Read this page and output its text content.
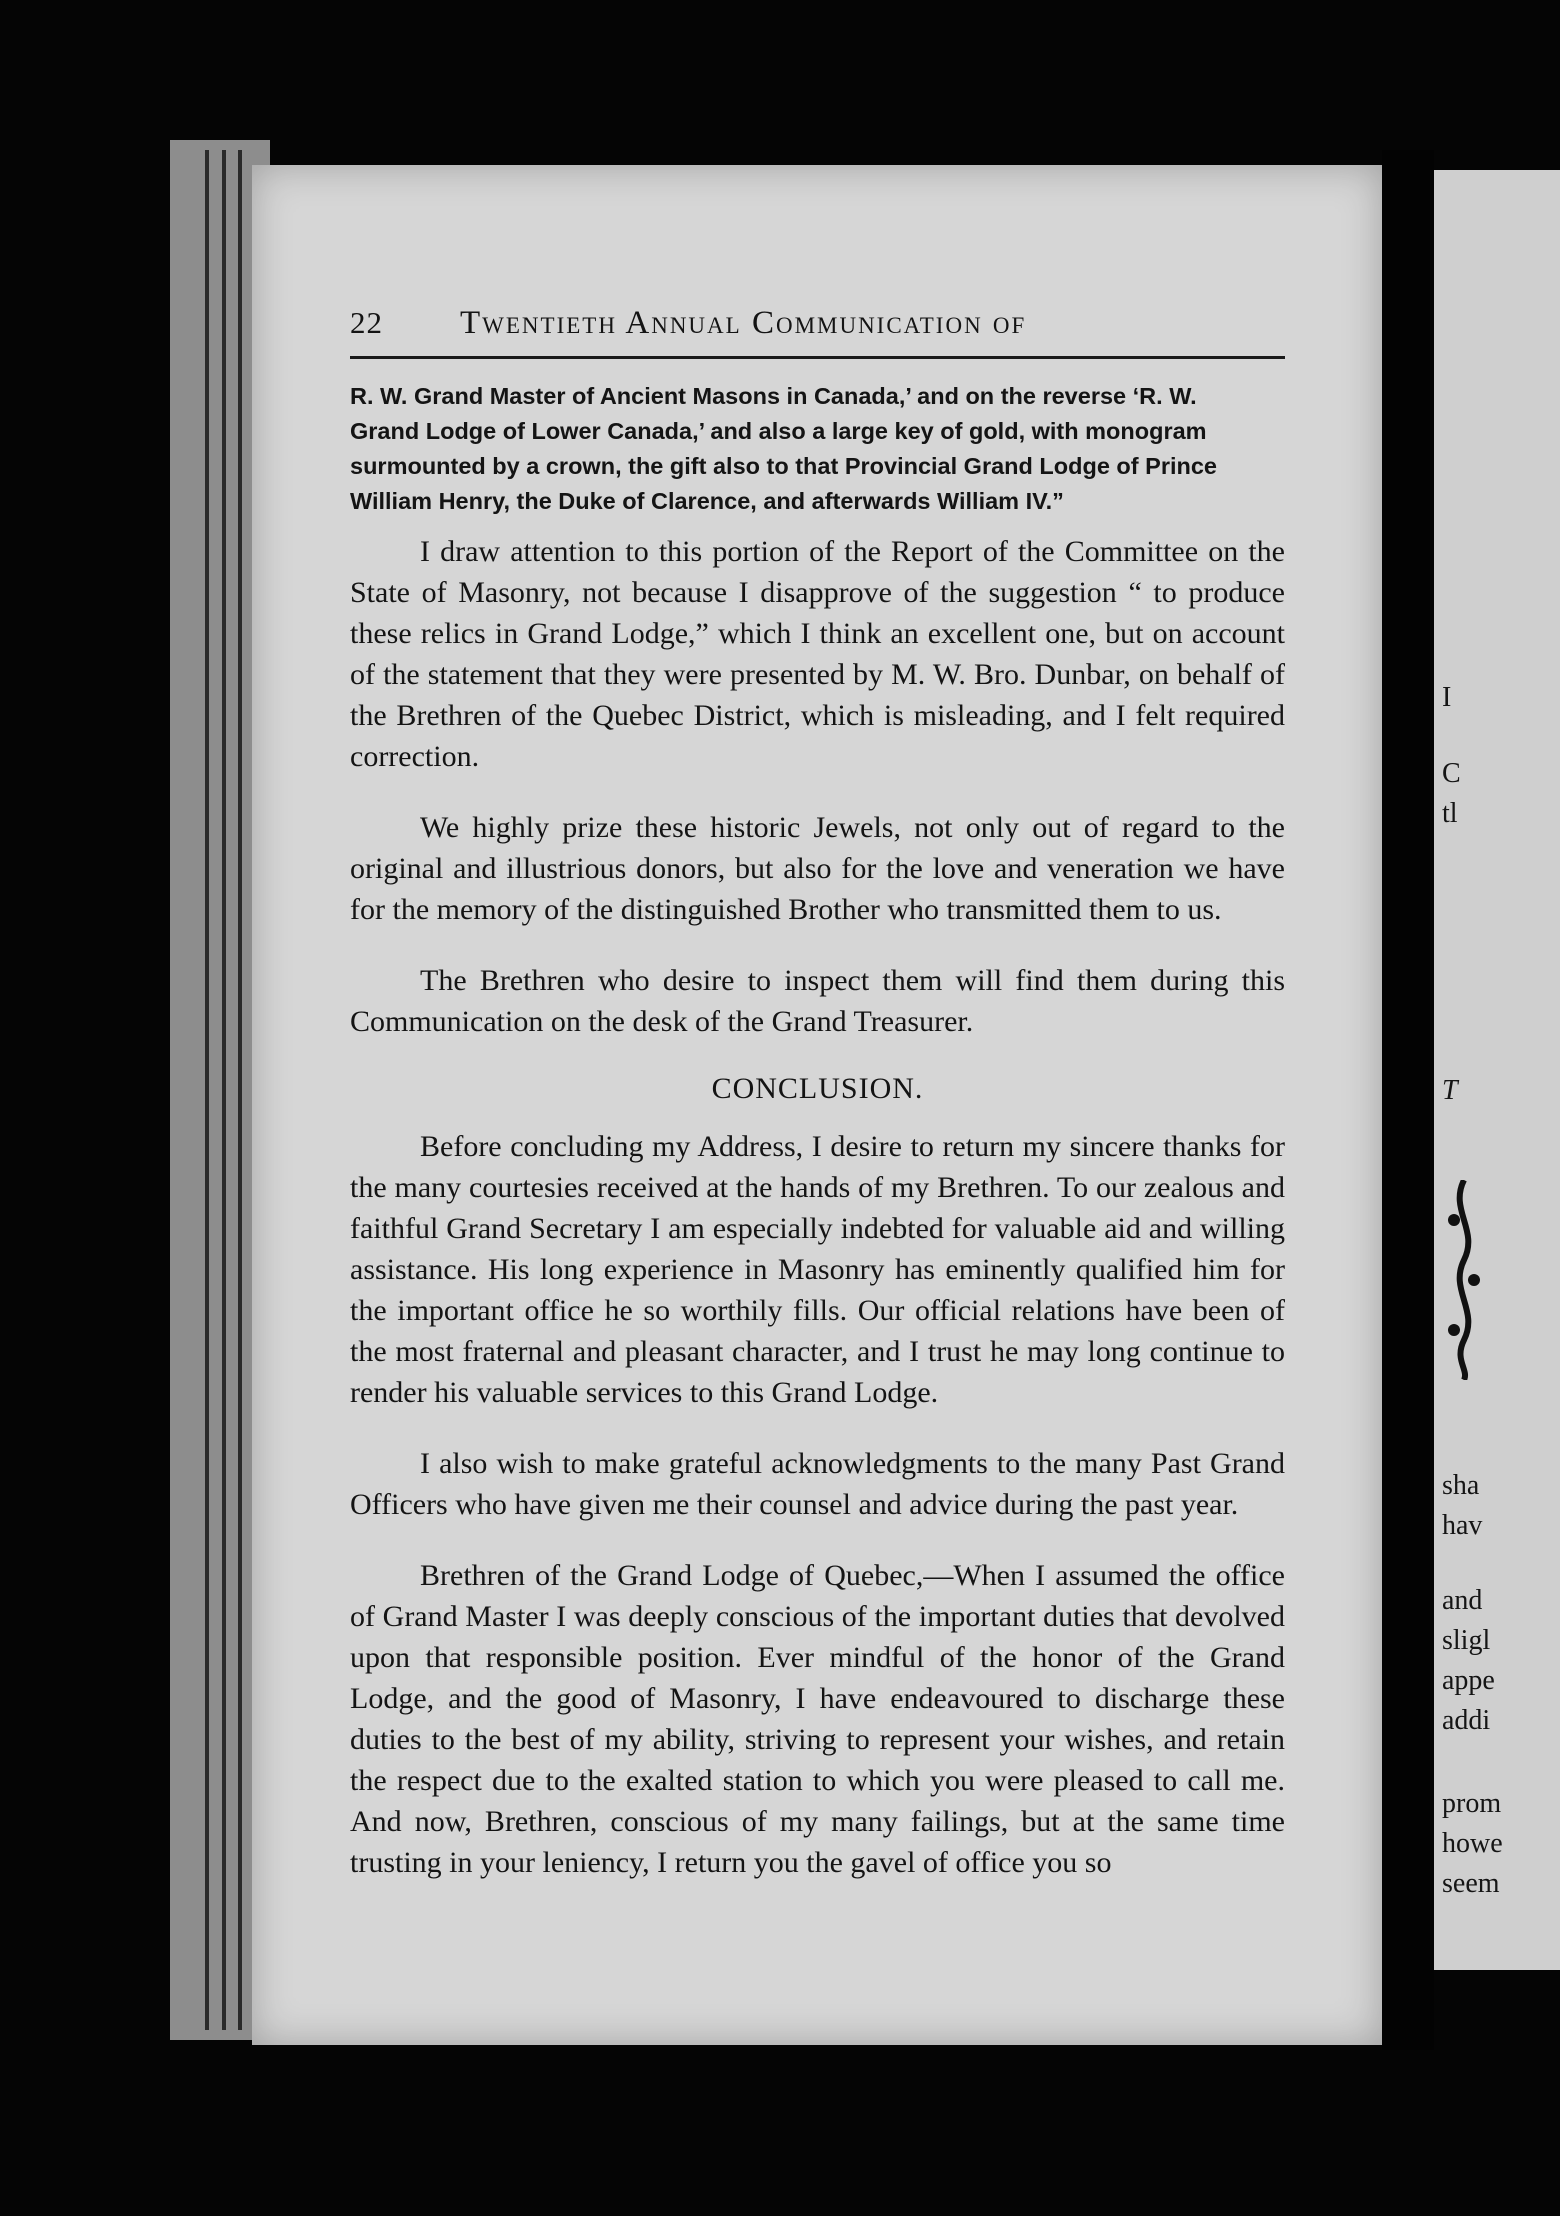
22	Twentieth Annual Communication of
R. W. Grand Master of Ancient Masons in Canada,’ and on the reverse ‘R. W.
Grand Lodge of Lower Canada,’ and also a large key of gold, with monogram
surmounted by a crown, the gift also to that Provincial Grand Lodge of Prince
William Henry, the Duke of Clarence, and afterwards William IV.”

I draw attention to this portion of the Report of the Committee on the State of Masonry, not because I disapprove of the suggestion “ to produce these relics in Grand Lodge,” which I think an excellent one, but on account of the statement that they were presented by M. W. Bro. Dunbar, on behalf of the Brethren of the Quebec District, which is misleading, and I felt required correction.

We highly prize these historic Jewels, not only out of regard to the original and illustrious donors, but also for the love and veneration we have for the memory of the distinguished Brother who transmitted them to us.

The Brethren who desire to inspect them will find them during this Communication on the desk of the Grand Treasurer.

CONCLUSION.

Before concluding my Address, I desire to return my sincere thanks for the many courtesies received at the hands of my Brethren. To our zealous and faithful Grand Secretary I am especially indebted for valuable aid and willing assistance. His long experience in Masonry has eminently qualified him for the important office he so worthily fills. Our official relations have been of the most fraternal and pleasant character, and I trust he may long continue to render his valuable services to this Grand Lodge.

I also wish to make grateful acknowledgments to the many Past Grand Officers who have given me their counsel and advice during the past year.

Brethren of the Grand Lodge of Quebec,—When I assumed the office of Grand Master I was deeply conscious of the important duties that devolved upon that responsible position. Ever mindful of the honor of the Grand Lodge, and the good of Masonry, I have endeavoured to discharge these duties to the best of my ability, striving to represent your wishes, and retain the respect due to the exalted station to which you were pleased to call me. And now, Brethren, conscious of my many failings, but at the same time trusting in your leniency, I return you the gavel of office you so

I
C
tl
T
sha
hav
and
sligl
appe
addi
prom
howe
seem
